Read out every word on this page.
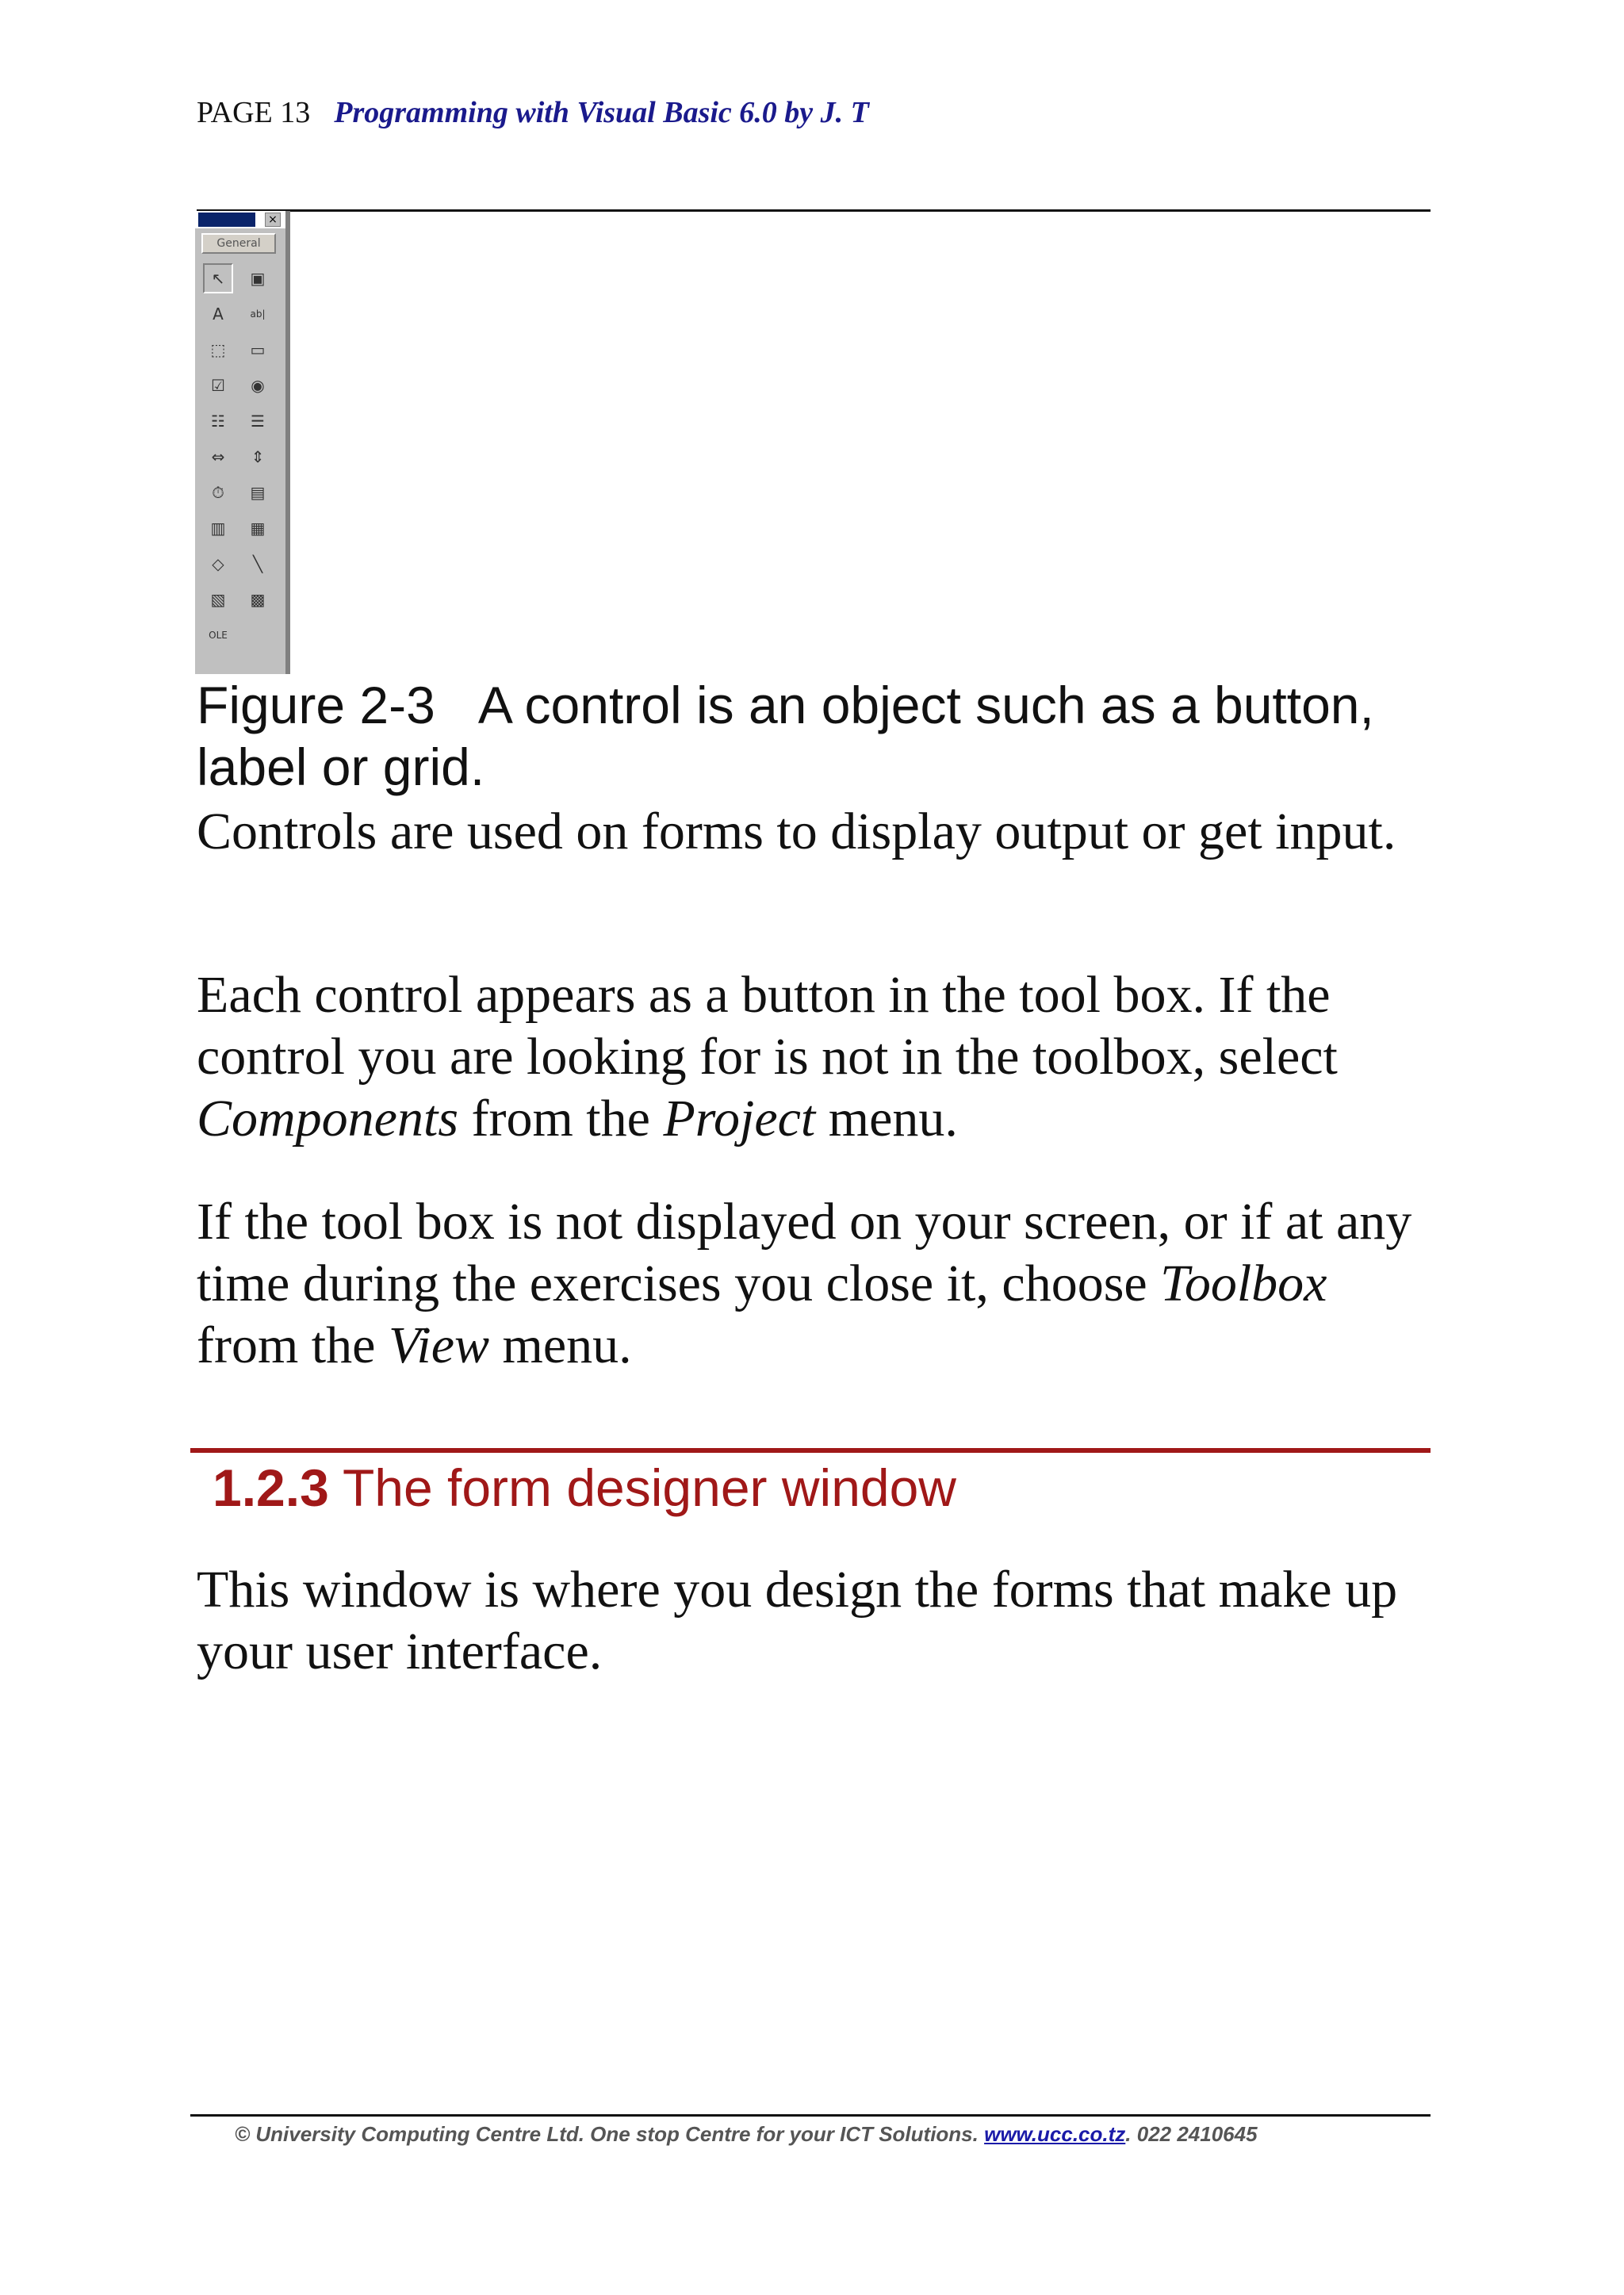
PAGE 13 Programming with Visual Basic 6.0 by J. T
×
General
↖	▣
A	ab|
⬚	▭
☑	◉
☷	☰
⇔	⇕
⏱	▤
▥	▦
◇	╲
▧	▩
OLE
Figure 2-3 A control is an object such as a button, label or grid.
Controls are used on forms to display output or get input.
Each control appears as a button in the tool box. If the control you are looking for is not in the toolbox, select Components from the Project menu.
If the tool box is not displayed on your screen, or if at any time during the exercises you close it, choose Toolbox from the View menu.
1.2.3 The form designer window
This window is where you design the forms that make up your user interface.
© University Computing Centre Ltd. One stop Centre for your ICT Solutions. www.ucc.co.tz. 022 2410645
